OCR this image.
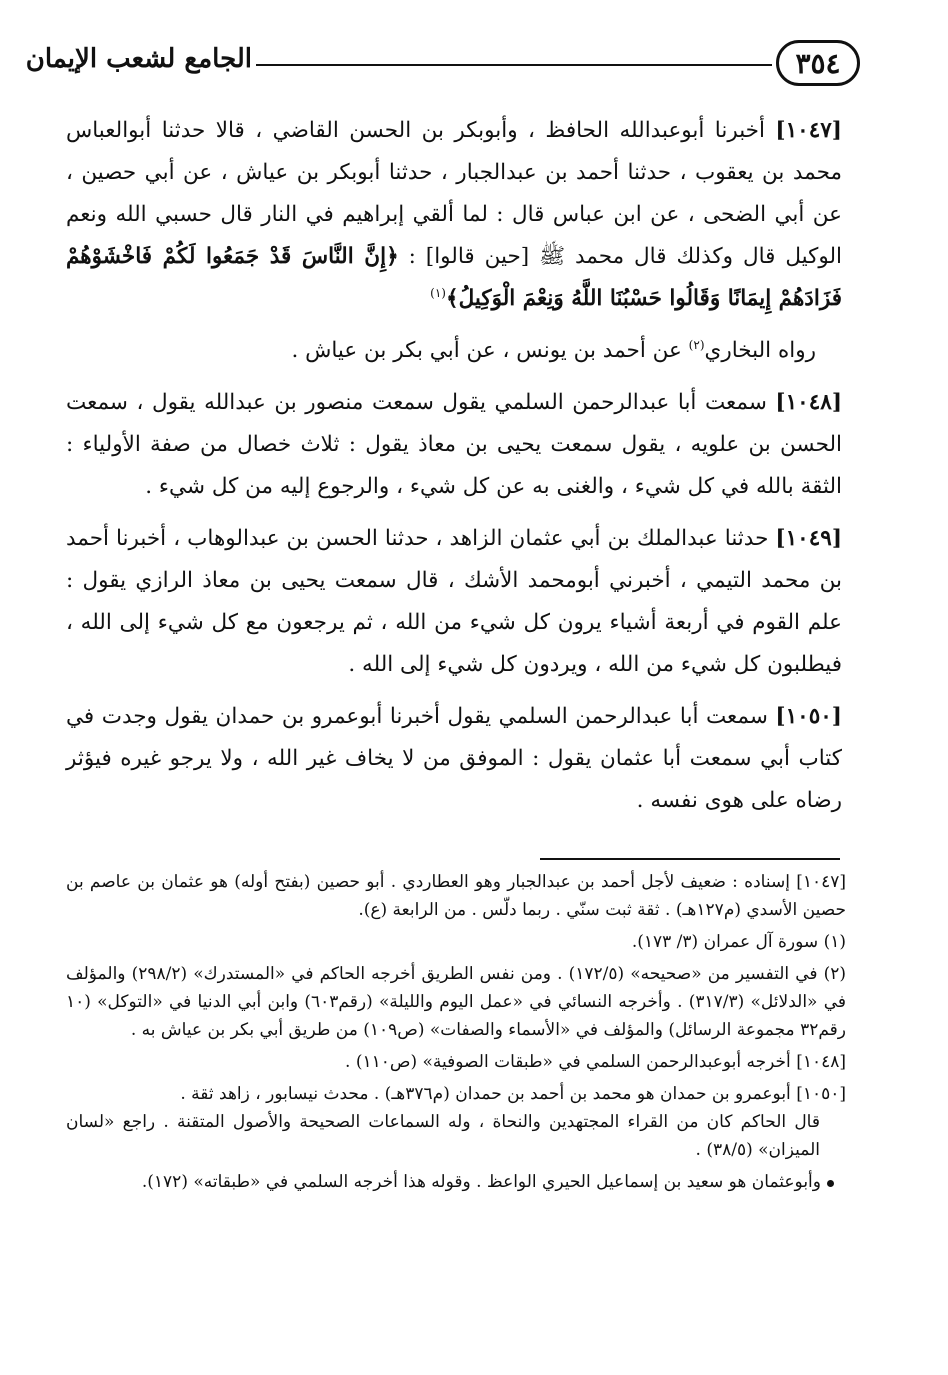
٣٥٤
الجامع لشعب الإيمان

[١٠٤٧] أخبرنا أبوعبدالله الحافظ ، وأبوبكر بن الحسن القاضي ، قالا حدثنا أبوالعباس محمد بن يعقوب ، حدثنا أحمد بن عبدالجبار ، حدثنا أبوبكر بن عياش ، عن أبي حصين ، عن أبي الضحى ، عن ابن عباس قال : لما ألقي إبراهيم في النار قال حسبي الله ونعم الوكيل قال وكذلك قال محمد ﷺ [حين قالوا] : ﴿إِنَّ النَّاسَ قَدْ جَمَعُوا لَكُمْ فَاخْشَوْهُمْ فَزَادَهُمْ إِيمَانًا وَقَالُوا حَسْبُنَا اللَّهُ وَنِعْمَ الْوَكِيلُ﴾$^{(١)}$

رواه البخاري$^{(٢)}$ عن أحمد بن يونس ، عن أبي بكر بن عياش .

[١٠٤٨] سمعت أبا عبدالرحمن السلمي يقول سمعت منصور بن عبدالله يقول ، سمعت الحسن بن علويه ، يقول سمعت يحيى بن معاذ يقول : ثلاث خصال من صفة الأولياء : الثقة بالله في كل شيء ، والغنى به عن كل شيء ، والرجوع إليه من كل شيء .

[١٠٤٩] حدثنا عبدالملك بن أبي عثمان الزاهد ، حدثنا الحسن بن عبدالوهاب ، أخبرنا أحمد بن محمد التيمي ، أخبرني أبومحمد الأشك ، قال سمعت يحيى بن معاذ الرازي يقول : علم القوم في أربعة أشياء يرون كل شيء من الله ، ثم يرجعون مع كل شيء إلى الله ، فيطلبون كل شيء من الله ، ويردون كل شيء إلى الله .

[١٠٥٠] سمعت أبا عبدالرحمن السلمي يقول أخبرنا أبوعمرو بن حمدان يقول وجدت في كتاب أبي سمعت أبا عثمان يقول : الموفق من لا يخاف غير الله ، ولا يرجو غيره فيؤثر رضاه على هوى نفسه .

[١٠٤٧] إسناده : ضعيف لأجل أحمد بن عبدالجبار وهو العطاردي . أبو حصين (بفتح أوله) هو عثمان بن عاصم بن حصين الأسدي (م١٢٧هـ) . ثقة ثبت سنّي . ربما دلّس . من الرابعة (ع).

(١) سورة آل عمران (٣/ ١٧٣).

(٢) في التفسير من «صحيحه» (١٧٢/٥) . ومن نفس الطريق أخرجه الحاكم في «المستدرك» (٢٩٨/٢) والمؤلف في «الدلائل» (٣١٧/٣) . وأخرجه النسائي في «عمل اليوم والليلة» (رقم٦٠٣) وابن أبي الدنيا في «التوكل» (١٠ رقم٣٢ مجموعة الرسائل) والمؤلف في «الأسماء والصفات» (ص١٠٩) من طريق أبي بكر بن عياش به .

[١٠٤٨] أخرجه أبوعبدالرحمن السلمي في «طبقات الصوفية» (ص١١٠) .

[١٠٥٠] أبوعمرو بن حمدان هو محمد بن أحمد بن حمدان (م٣٧٦هـ) . محدث نيسابور ، زاهد ثقة .
قال الحاكم كان من القراء المجتهدين والنحاة ، وله السماعات الصحيحة والأصول المتقنة . راجع «لسان الميزان» (٣٨/٥) .

وأبوعثمان هو سعيد بن إسماعيل الحيري الواعظ . وقوله هذا أخرجه السلمي في «طبقاته» (١٧٢).
